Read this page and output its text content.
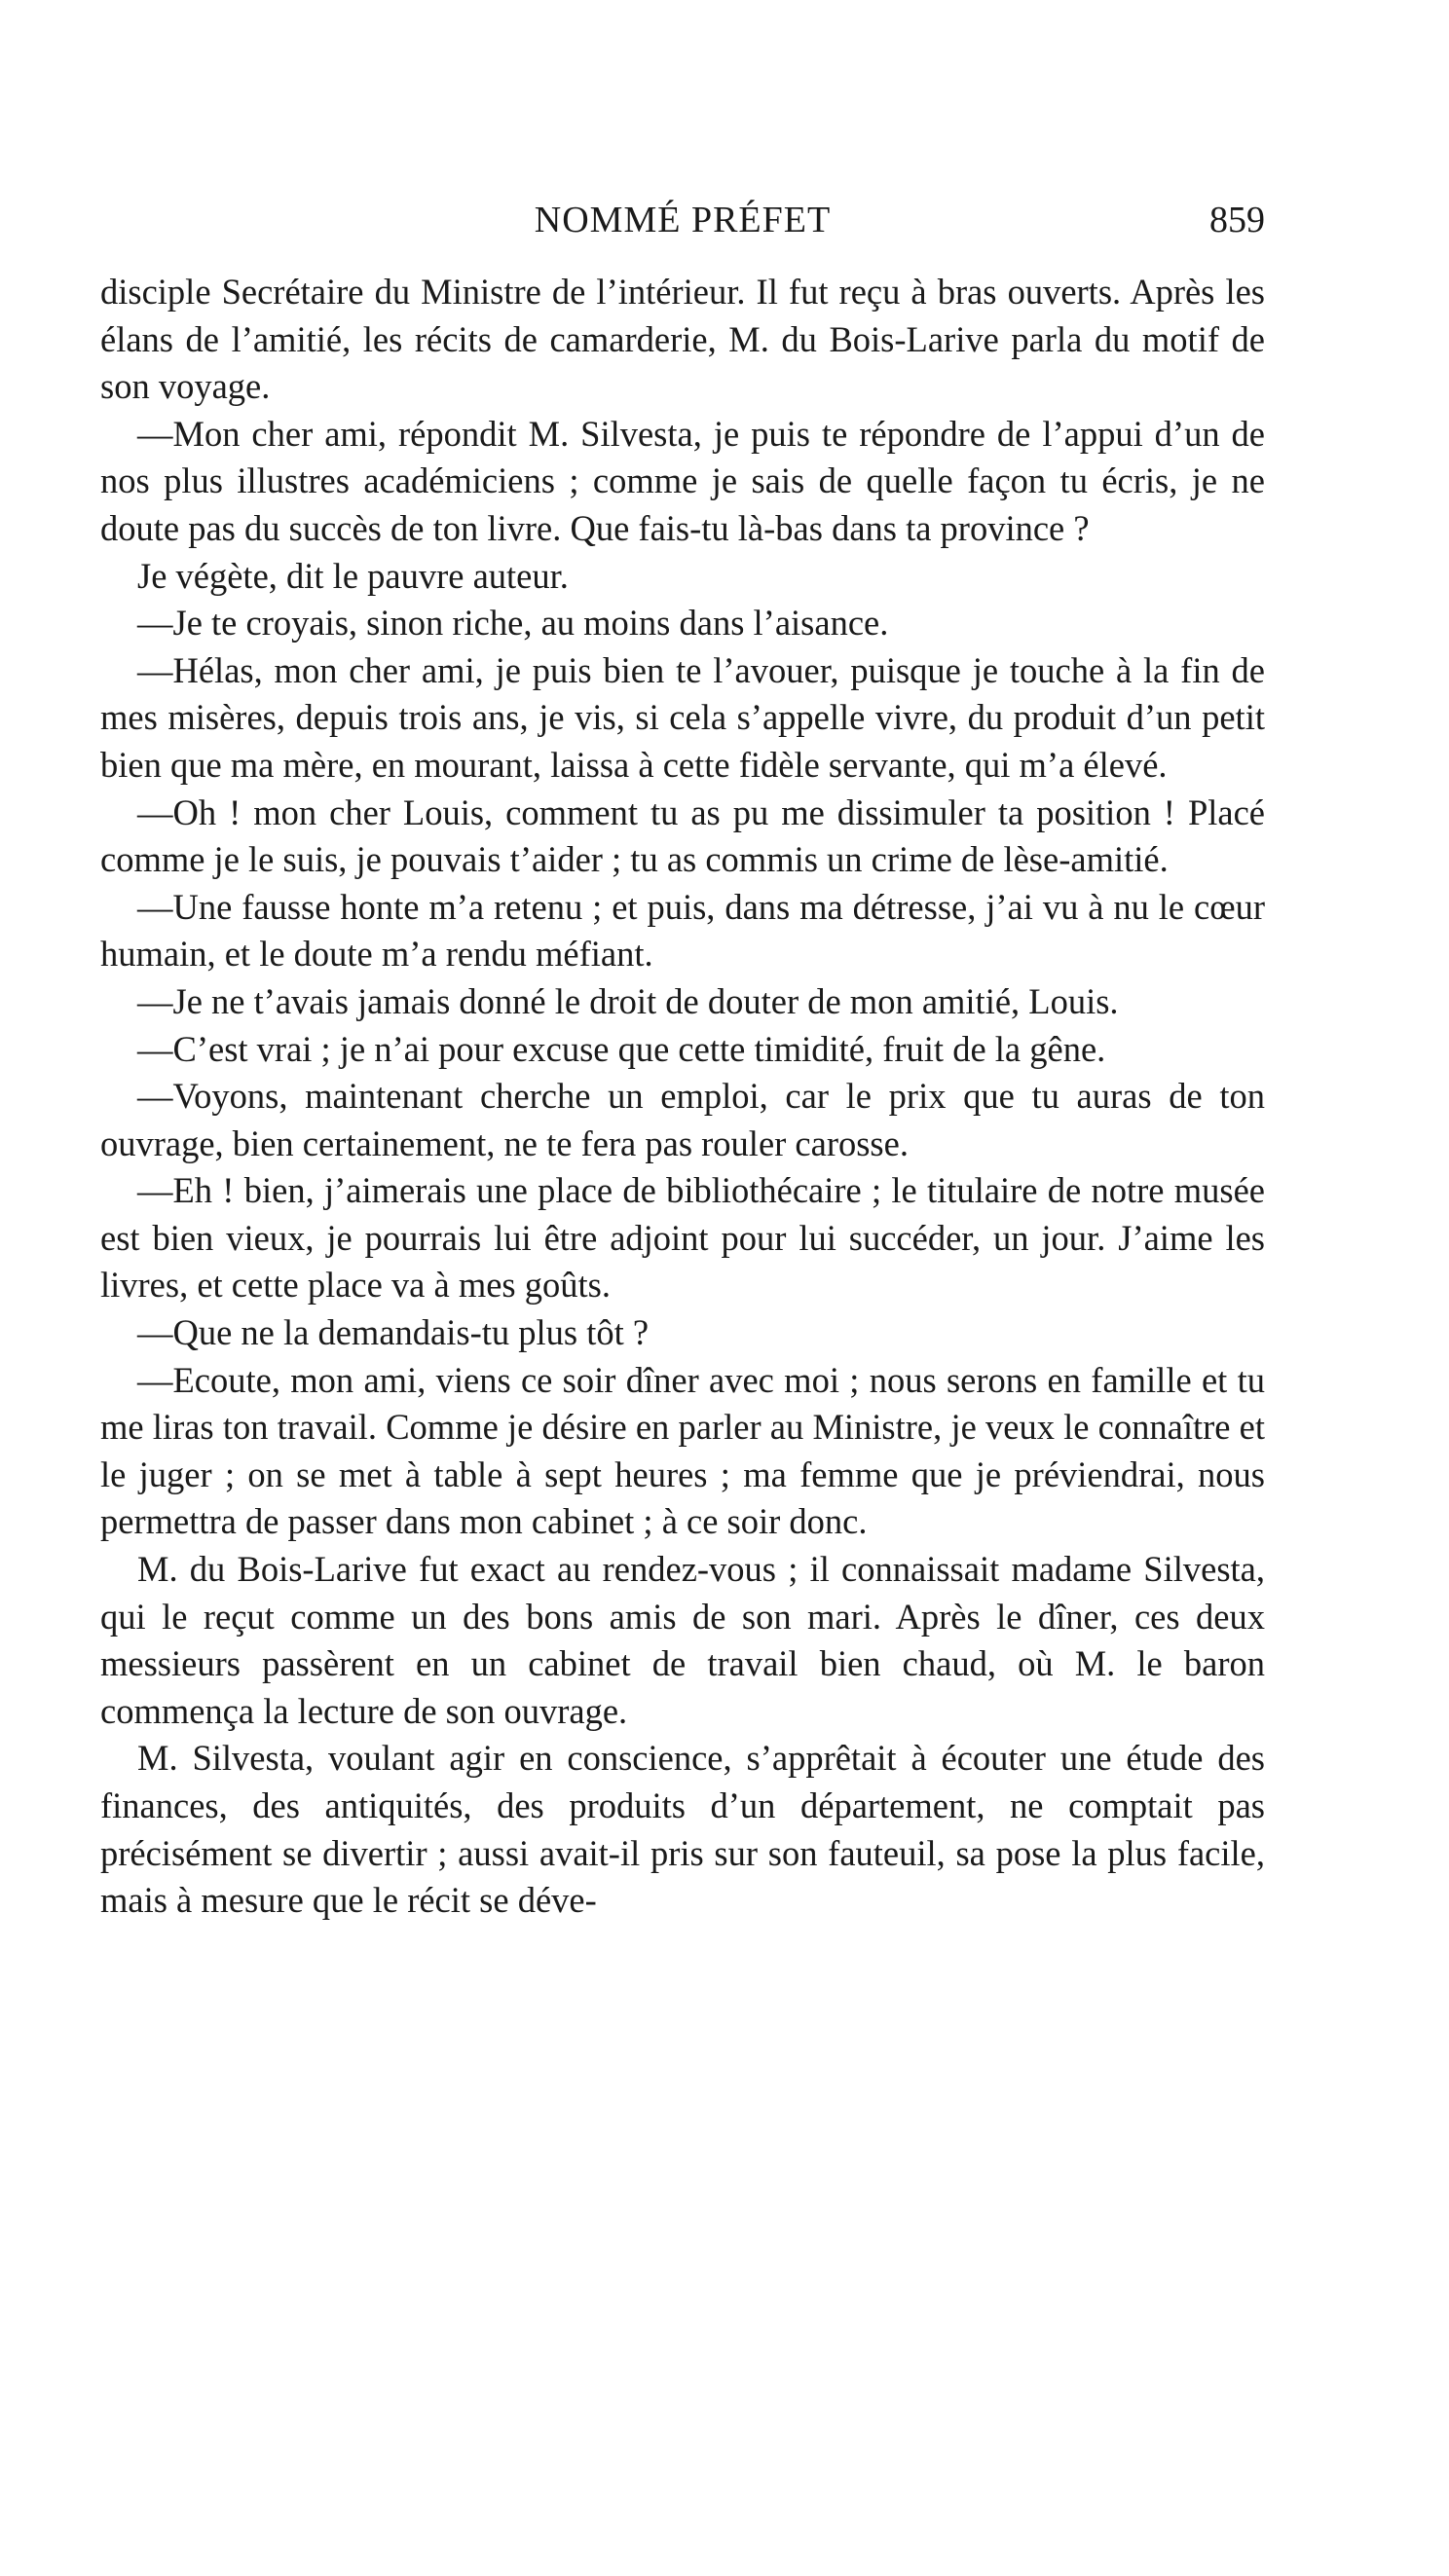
NOMMÉ PRÉFET	859

disciple Secrétaire du Ministre de l’intérieur. Il fut reçu à bras ouverts. Après les élans de l’amitié, les récits de camarderie, M. du Bois-Larive parla du motif de son voyage.

—Mon cher ami, répondit M. Silvesta, je puis te répondre de l’appui d’un de nos plus illustres académiciens ; comme je sais de quelle façon tu écris, je ne doute pas du succès de ton livre. Que fais-tu là-bas dans ta province ?

Je végète, dit le pauvre auteur.

—Je te croyais, sinon riche, au moins dans l’aisance.

—Hélas, mon cher ami, je puis bien te l’avouer, puisque je touche à la fin de mes misères, depuis trois ans, je vis, si cela s’appelle vivre, du produit d’un petit bien que ma mère, en mourant, laissa à cette fidèle servante, qui m’a élevé.

—Oh ! mon cher Louis, comment tu as pu me dissimuler ta position ! Placé comme je le suis, je pouvais t’aider ; tu as commis un crime de lèse-amitié.

—Une fausse honte m’a retenu ; et puis, dans ma détresse, j’ai vu à nu le cœur humain, et le doute m’a rendu méfiant.

—Je ne t’avais jamais donné le droit de douter de mon amitié, Louis.

—C’est vrai ; je n’ai pour excuse que cette timidité, fruit de la gêne.

—Voyons, maintenant cherche un emploi, car le prix que tu auras de ton ouvrage, bien certainement, ne te fera pas rouler carosse.

—Eh ! bien, j’aimerais une place de bibliothécaire ; le titulaire de notre musée est bien vieux, je pourrais lui être adjoint pour lui succéder, un jour. J’aime les livres, et cette place va à mes goûts.

—Que ne la demandais-tu plus tôt ?

—Ecoute, mon ami, viens ce soir dîner avec moi ; nous serons en famille et tu me liras ton travail. Comme je désire en parler au Ministre, je veux le connaître et le juger ; on se met à table à sept heures ; ma femme que je préviendrai, nous permettra de passer dans mon cabinet ; à ce soir donc.

M. du Bois-Larive fut exact au rendez-vous ; il connaissait madame Silvesta, qui le reçut comme un des bons amis de son mari. Après le dîner, ces deux messieurs passèrent en un cabinet de travail bien chaud, où M. le baron commença la lecture de son ouvrage.

M. Silvesta, voulant agir en conscience, s’apprêtait à écouter une étude des finances, des antiquités, des produits d’un département, ne comptait pas précisément se divertir ; aussi avait-il pris sur son fauteuil, sa pose la plus facile, mais à mesure que le récit se déve-
